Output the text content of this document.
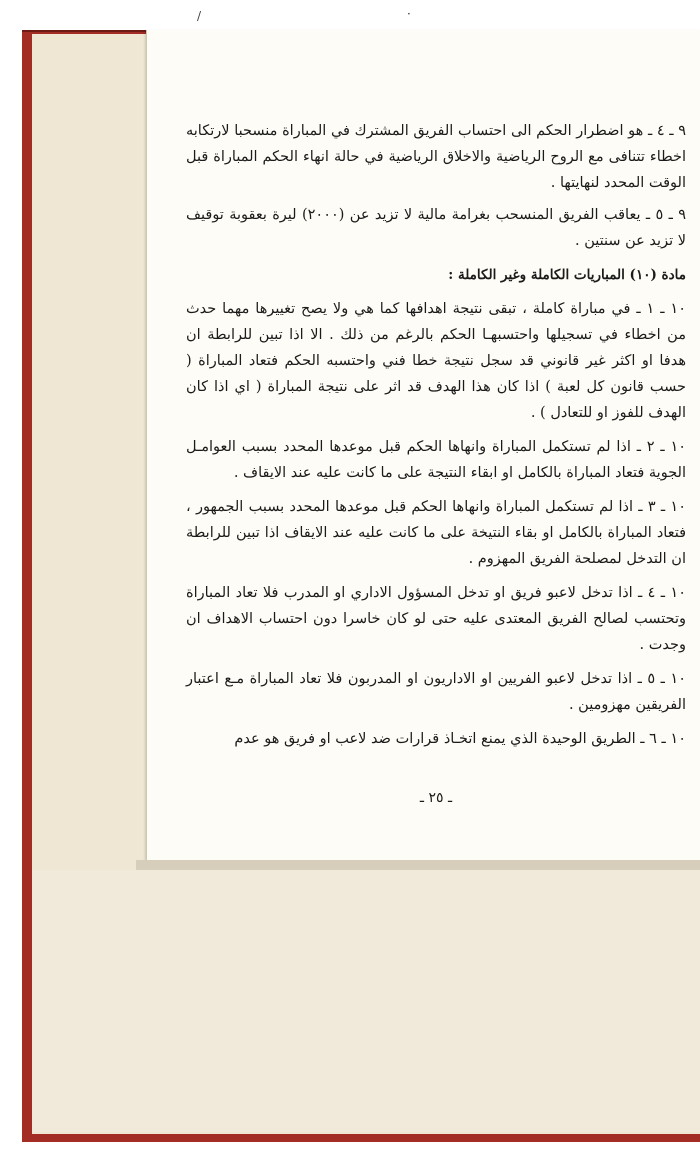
/	·

٩ ـ ٤ ـ هو اضطرار الحكم الى احتساب الفريق المشترك في المباراة منسحبا لارتكابه اخطاء تتنافى مع الروح الرياضية والاخلاق الرياضية في حالة انهاء الحكم المباراة قبل الوقت المحدد لنهايتها .

٩ ـ ٥ ـ يعاقب الفريق المنسحب بغرامة مالية لا تزيد عن (٢٠٠٠) ليرة بعقوبة توقيف لا تزيد عن سنتين .

مادة (١٠) المباريات الكاملة وغير الكاملة :

١٠ ـ ١ ـ في مباراة كاملة ، تبقى نتيجة اهدافها كما هي ولا يصح تغييرها مهما حدث من اخطاء في تسجيلها واحتسبهـا الحكم بالرغم من ذلك . الا اذا تبين للرابطة ان هدفا او اكثر غير قانوني قد سجل نتيجة خطا فني واحتسبه الحكم فتعاد المباراة ( حسب قانون كل لعبة ) اذا كان هذا الهدف قد اثر على نتيجة المباراة ( اي اذا كان الهدف للفوز او للتعادل ) .

١٠ ـ ٢ ـ اذا لم تستكمل المباراة وانهاها الحكم قبل موعدها المحدد بسبب العوامـل الجوية فتعاد المباراة بالكامل او ابقاء النتيجة على ما كانت عليه عند الايقاف .

١٠ ـ ٣ ـ اذا لم تستكمل المباراة وانهاها الحكم قبل موعدها المحدد بسبب الجمهور ، فتعاد المباراة بالكامل او بقاء النتيخة على ما كانت عليه عند الايقاف اذا تبين للرابطة ان التدخل لمصلحة الفريق المهزوم .

١٠ ـ ٤ ـ اذا تدخل لاعبو فريق او تدخل المسؤول الاداري او المدرب فلا تعاد المباراة وتحتسب لصالح الفريق المعتدى عليه حتى لو كان خاسرا دون احتساب الاهداف ان وجدت .

١٠ ـ ٥ ـ اذا تدخل لاعبو الفريين او الاداريون او المدربون فلا تعاد المباراة مـع اعتبار الفريقين مهزومين .

١٠ ـ ٦ ـ الطريق الوحيدة الذي يمنع اتخـاذ قرارات ضد لاعب او فريق هو عدم

ـ ٢٥ ـ
